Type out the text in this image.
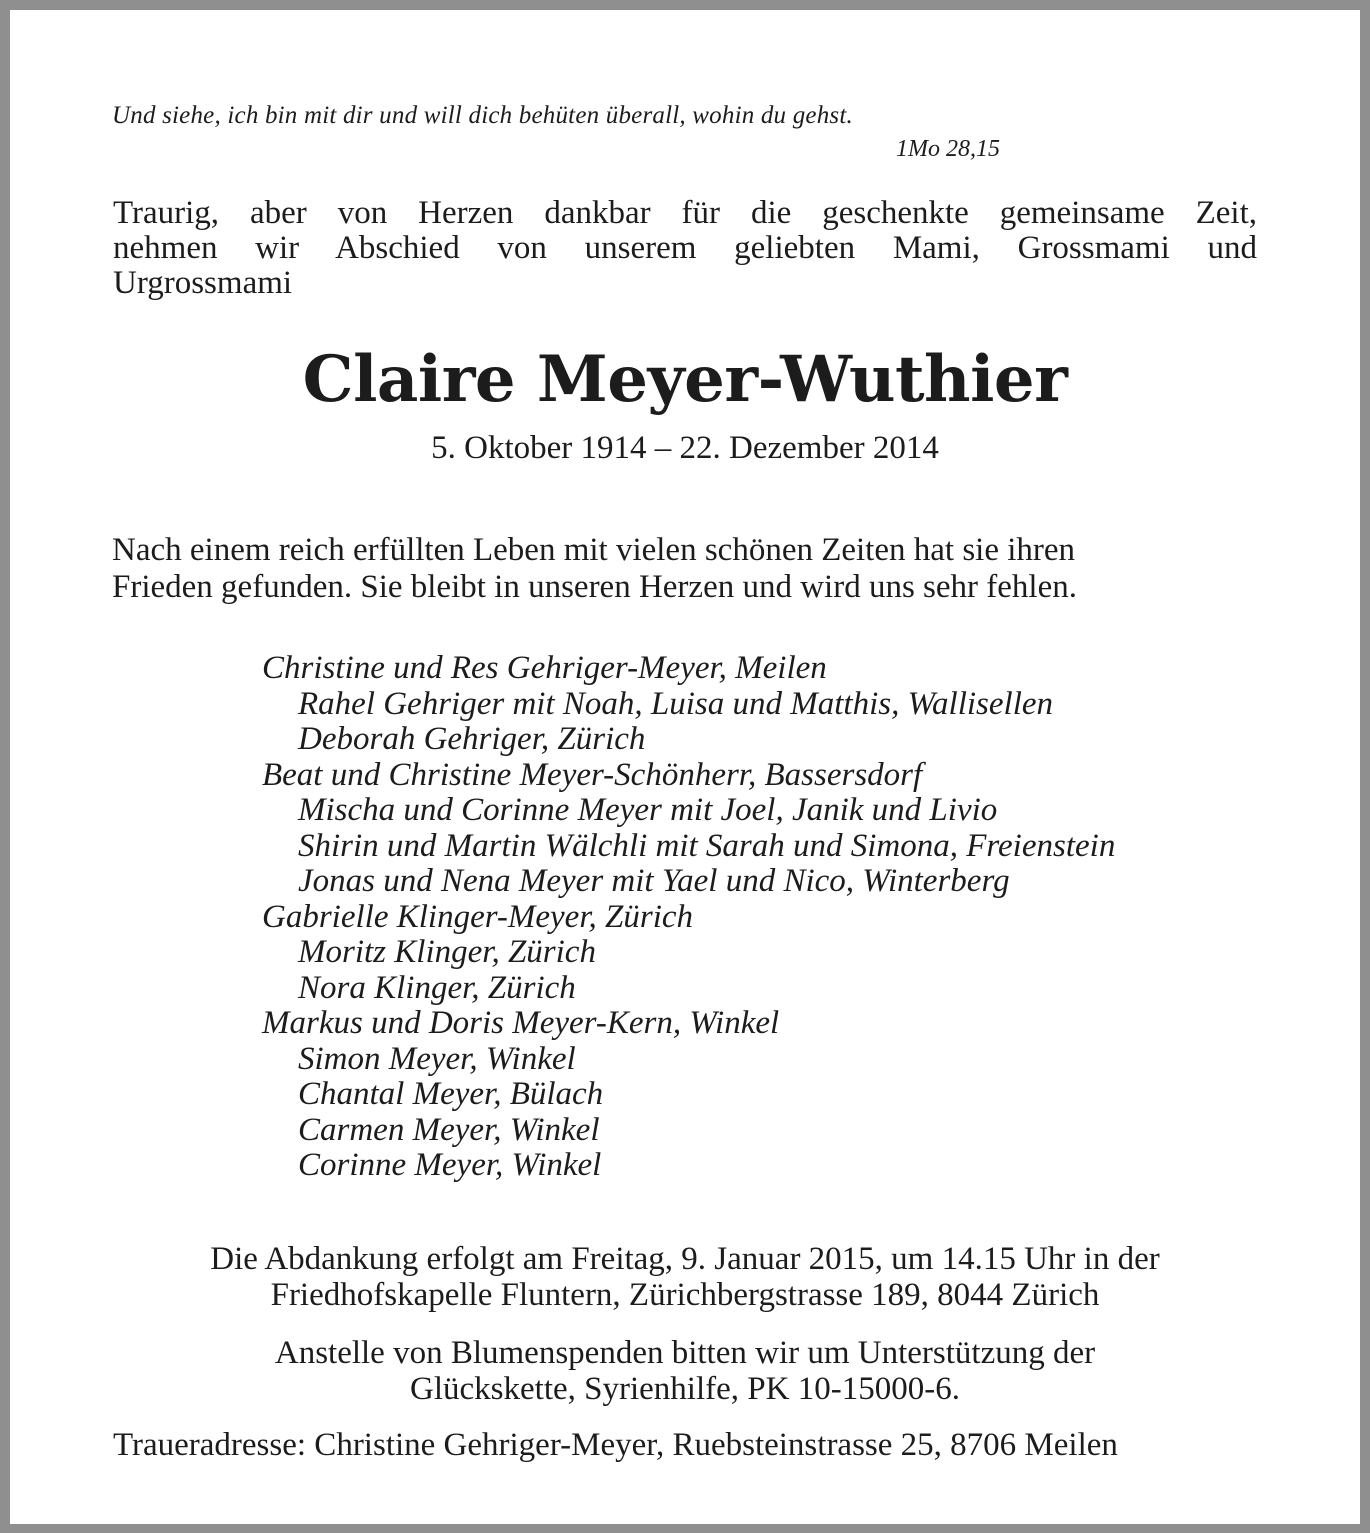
Und siehe, ich bin mit dir und will dich behüten überall, wohin du gehst.

1Mo 28,15

Traurig, aber von Herzen dankbar für die geschenkte gemeinsame Zeit,
nehmen wir Abschied von unserem geliebten Mami, Grossmami und
Urgrossmami
Claire Meyer-Wuthier

5. Oktober 1914 – 22. Dezember 2014

Nach einem reich erfüllten Leben mit vielen schönen Zeiten hat sie ihren
Frieden gefunden. Sie bleibt in unseren Herzen und wird uns sehr fehlen.
Christine und Res Gehriger-Meyer, Meilen
Rahel Gehriger mit Noah, Luisa und Matthis, Wallisellen
Deborah Gehriger, Zürich
Beat und Christine Meyer-Schönherr, Bassersdorf
Mischa und Corinne Meyer mit Joel, Janik und Livio
Shirin und Martin Wälchli mit Sarah und Simona, Freienstein
Jonas und Nena Meyer mit Yael und Nico, Winterberg
Gabrielle Klinger-Meyer, Zürich
Moritz Klinger, Zürich
Nora Klinger, Zürich
Markus und Doris Meyer-Kern, Winkel
Simon Meyer, Winkel
Chantal Meyer, Bülach
Carmen Meyer, Winkel
Corinne Meyer, Winkel
Die Abdankung erfolgt am Freitag, 9. Januar 2015, um 14.15 Uhr in der
Friedhofskapelle Fluntern, Zürichbergstrasse 189, 8044 Zürich
Anstelle von Blumenspenden bitten wir um Unterstützung der
Glückskette, Syrienhilfe, PK 10-15000-6.

Traueradresse: Christine Gehriger-Meyer, Ruebsteinstrasse 25, 8706 Meilen
